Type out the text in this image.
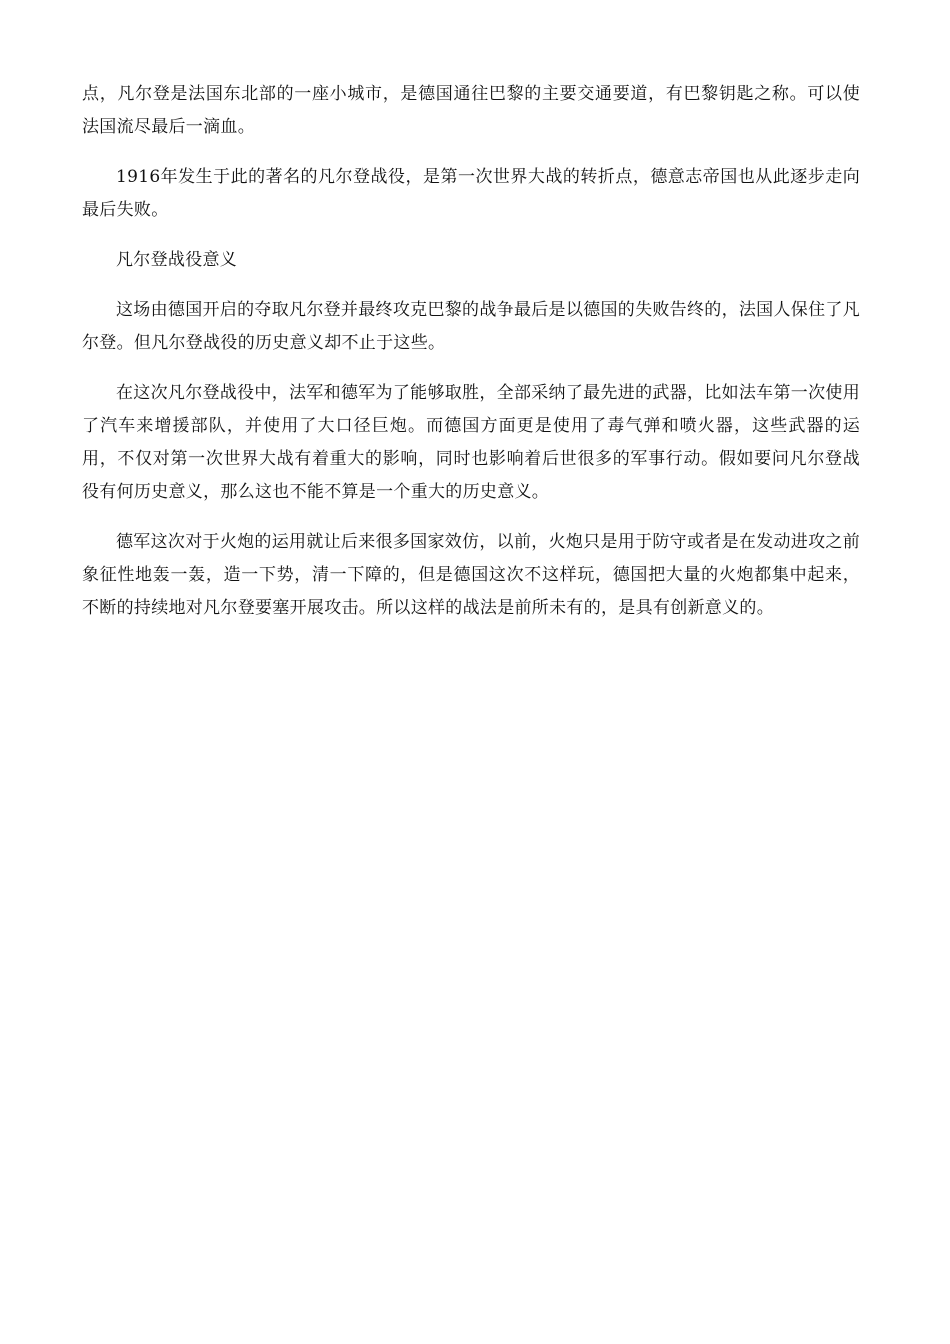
点，凡尔登是法国东北部的一座小城市，是德国通往巴黎的主要交通要道，有巴黎钥匙之称。可以使法国流尽最后一滴血。

1916年发生于此的著名的凡尔登战役，是第一次世界大战的转折点，德意志帝国也从此逐步走向最后失败。

凡尔登战役意义

这场由德国开启的夺取凡尔登并最终攻克巴黎的战争最后是以德国的失败告终的，法国人保住了凡尔登。但凡尔登战役的历史意义却不止于这些。

在这次凡尔登战役中，法军和德军为了能够取胜，全部采纳了最先进的武器，比如法车第一次使用了汽车来增援部队，并使用了大口径巨炮。而德国方面更是使用了毒气弹和喷火器，这些武器的运用，不仅对第一次世界大战有着重大的影响，同时也影响着后世很多的军事行动。假如要问凡尔登战役有何历史意义，那么这也不能不算是一个重大的历史意义。

德军这次对于火炮的运用就让后来很多国家效仿，以前，火炮只是用于防守或者是在发动进攻之前象征性地轰一轰，造一下势，清一下障的，但是德国这次不这样玩，德国把大量的火炮都集中起来，不断的持续地对凡尔登要塞开展攻击。所以这样的战法是前所未有的，是具有创新意义的。
